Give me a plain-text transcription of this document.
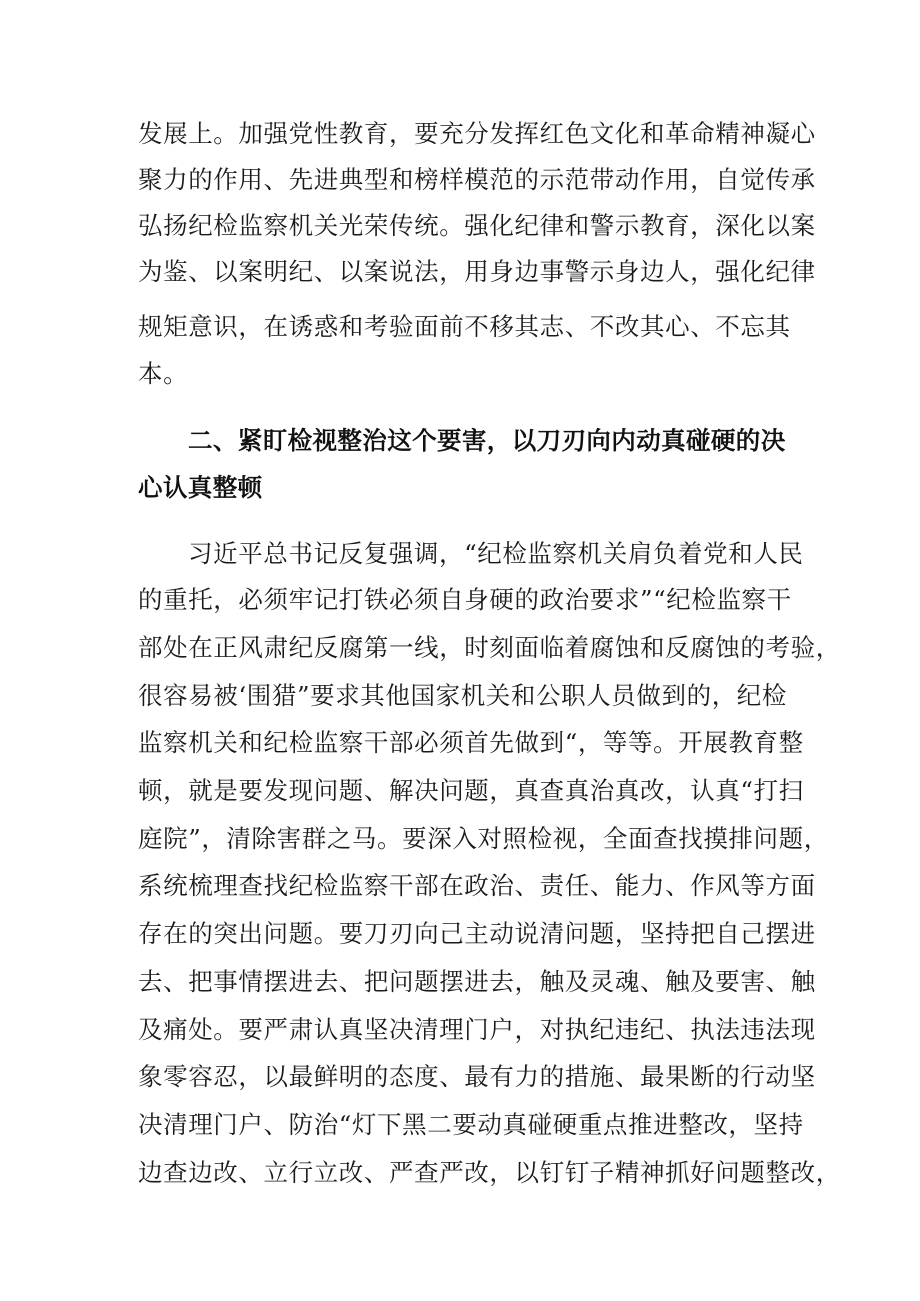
发展上。加强党性教育，要充分发挥红色文化和革命精神凝心

聚力的作用、先进典型和榜样模范的示范带动作用，自觉传承

弘扬纪检监察机关光荣传统。强化纪律和警示教育，深化以案

为鉴、以案明纪、以案说法，用身边事警示身边人，强化纪律

规矩意识，在诱惑和考验面前不移其志、不改其心、不忘其

本。

二、紧盯检视整治这个要害，以刀刃向内动真碰硬的决

心认真整顿

习近平总书记反复强调，“纪检监察机关肩负着党和人民

的重托，必须牢记打铁必须自身硬的政治要求”“纪检监察干

部处在正风肃纪反腐第一线，时刻面临着腐蚀和反腐蚀的考验，

很容易被‘围猎”要求其他国家机关和公职人员做到的，纪检

监察机关和纪检监察干部必须首先做到“，等等。开展教育整

顿，就是要发现问题、解决问题，真查真治真改，认真“打扫

庭院”，清除害群之马。要深入对照检视，全面查找摸排问题，

系统梳理查找纪检监察干部在政治、责任、能力、作风等方面

存在的突出问题。要刀刃向己主动说清问题，坚持把自己摆进

去、把事情摆进去、把问题摆进去，触及灵魂、触及要害、触

及痛处。要严肃认真坚决清理门户，对执纪违纪、执法违法现

象零容忍，以最鲜明的态度、最有力的措施、最果断的行动坚

决清理门户、防治“灯下黑二要动真碰硬重点推进整改，坚持

边查边改、立行立改、严查严改，以钉钉子精神抓好问题整改，
